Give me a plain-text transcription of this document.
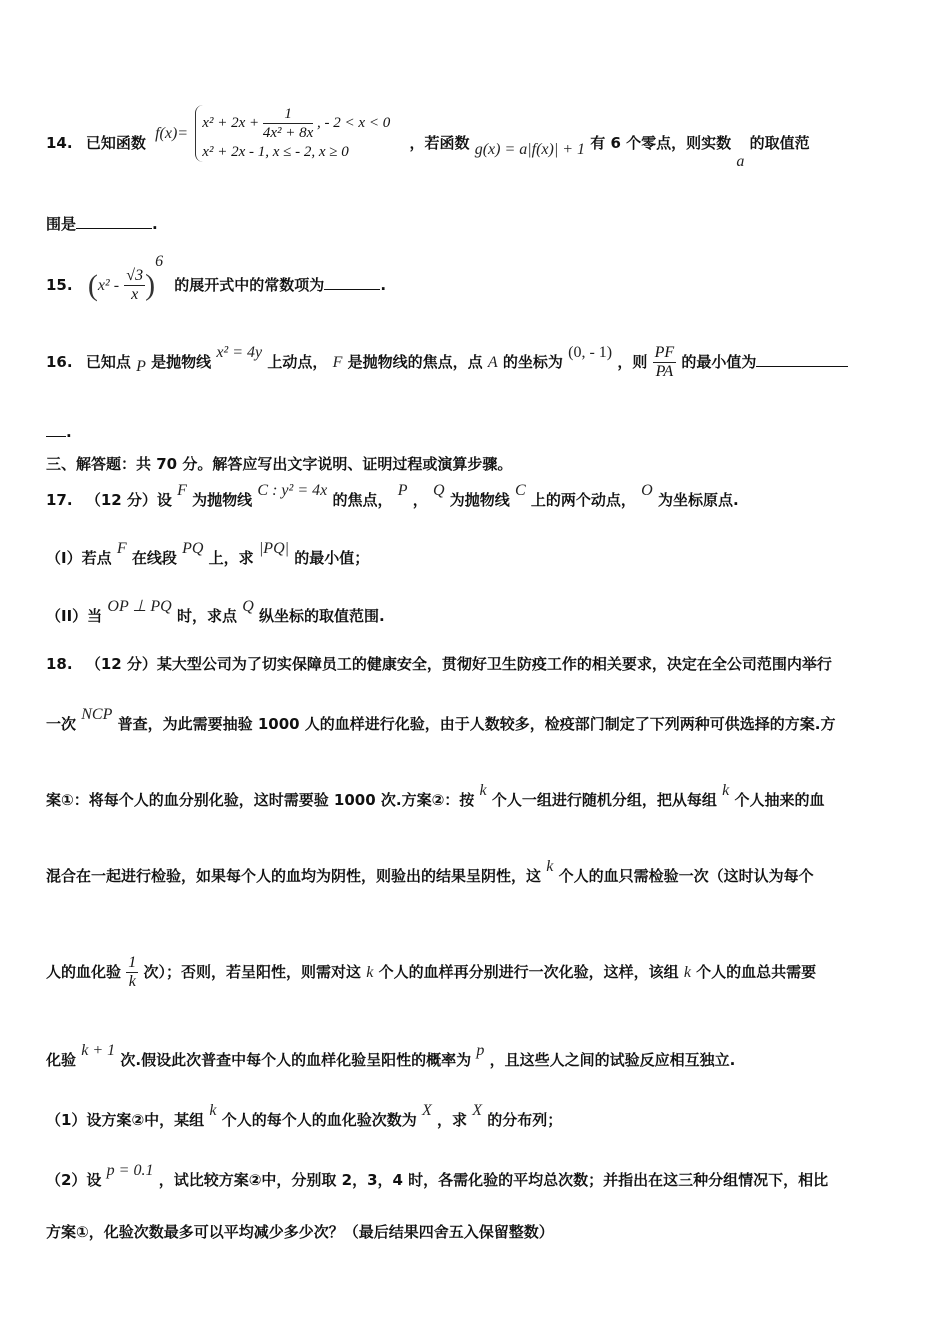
14. 已知函数 f(x)=
$x^2 + 2x + \frac{1}{\text{4x² + 8x}}$ , - 2 < x < 0
x² + 2x - 1, x ≤ - 2, x ≥ 0	，若函数 g(x) = a|f(x)| + 1 有 6 个零点，则实数 a 的取值范
围是	.
15. $(x^2 - \frac{√3}{x} )^6$ 的展开式中的常数项为	.
16. 已知点 P 是抛物线 x² = 4y 上动点， F 是抛物线的焦点，点 A 的坐标为 (0, - 1) ，则 $\frac{PF}{PA}$ 的最小值为
.
三、解答题：共 70 分。解答应写出文字说明、证明过程或演算步骤。
17. （12 分）设 F 为抛物线 C : y² = 4x 的焦点， P ， Q 为抛物线 C 上的两个动点， O 为坐标原点.
（I）若点 F 在线段 PQ 上，求 |PQ| 的最小值；
（II）当 OP ⊥ PQ 时，求点 Q 纵坐标的取值范围.
18. （12 分）某大型公司为了切实保障员工的健康安全，贯彻好卫生防疫工作的相关要求，决定在全公司范围内举行
一次 NCP 普查，为此需要抽验 1000 人的血样进行化验，由于人数较多，检疫部门制定了下列两种可供选择的方案.方
案①：将每个人的血分别化验，这时需要验 1000 次.方案②：按 k 个人一组进行随机分组，把从每组 k 个人抽来的血
混合在一起进行检验，如果每个人的血均为阴性，则验出的结果呈阴性，这 k 个人的血只需检验一次（这时认为每个
人的血化验 $\frac{1}{k}$ 次）；否则，若呈阳性，则需对这 k 个人的血样再分别进行一次化验，这样，该组 k 个人的血总共需要
化验 k + 1 次.假设此次普查中每个人的血样化验呈阳性的概率为 p ，且这些人之间的试验反应相互独立.
（1）设方案②中，某组 k 个人的每个人的血化验次数为 X ，求 X 的分布列；
（2）设 p = 0.1 ，试比较方案②中，分别取 2，3，4 时，各需化验的平均总次数；并指出在这三种分组情况下，相比
方案①，化验次数最多可以平均减少多少次？（最后结果四舍五入保留整数）
